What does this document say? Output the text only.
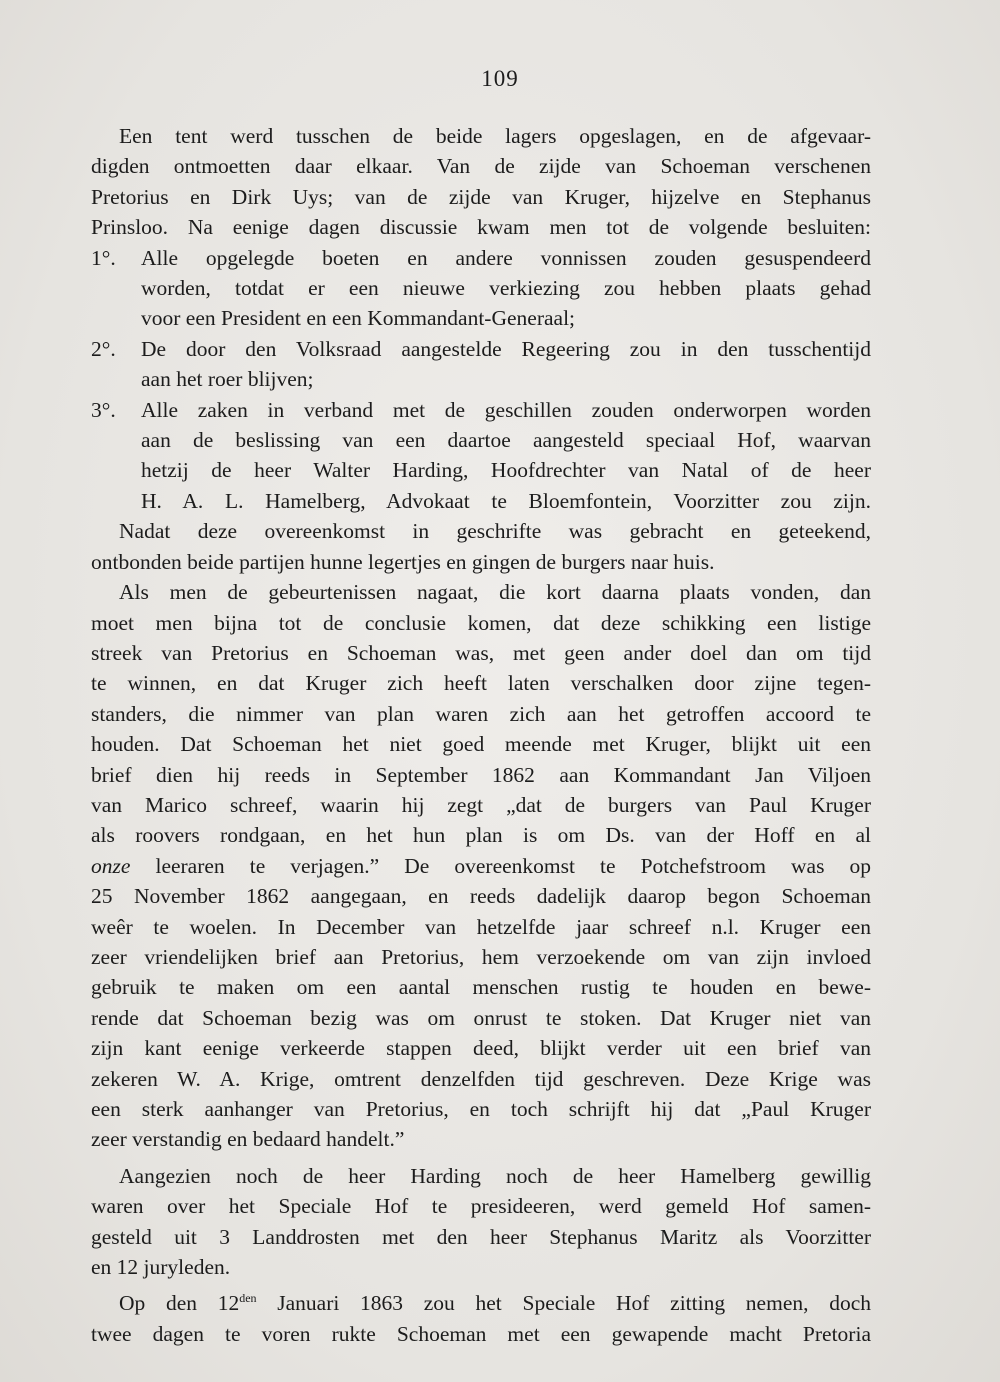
109
Een tent werd tusschen de beide lagers opgeslagen, en de afgevaar-
digden ontmoetten daar elkaar. Van de zijde van Schoeman verschenen
Pretorius en Dirk Uys; van de zijde van Kruger, hijzelve en Stephanus
Prinsloo. Na eenige dagen discussie kwam men tot de volgende besluiten:
1°. Alle opgelegde boeten en andere vonnissen zouden gesuspendeerd
worden, totdat er een nieuwe verkiezing zou hebben plaats gehad
voor een President en een Kommandant-Generaal;
2°. De door den Volksraad aangestelde Regeering zou in den tusschentijd
aan het roer blijven;
3°. Alle zaken in verband met de geschillen zouden onderworpen worden
aan de beslissing van een daartoe aangesteld speciaal Hof, waarvan
hetzij de heer Walter Harding, Hoofdrechter van Natal of de heer
H. A. L. Hamelberg, Advokaat te Bloemfontein, Voorzitter zou zijn.
Nadat deze overeenkomst in geschrifte was gebracht en geteekend,
ontbonden beide partijen hunne legertjes en gingen de burgers naar huis.
Als men de gebeurtenissen nagaat, die kort daarna plaats vonden, dan
moet men bijna tot de conclusie komen, dat deze schikking een listige
streek van Pretorius en Schoeman was, met geen ander doel dan om tijd
te winnen, en dat Kruger zich heeft laten verschalken door zijne tegen-
standers, die nimmer van plan waren zich aan het getroffen accoord te
houden. Dat Schoeman het niet goed meende met Kruger, blijkt uit een
brief dien hij reeds in September 1862 aan Kommandant Jan Viljoen
van Marico schreef, waarin hij zegt „dat de burgers van Paul Kruger
als roovers rondgaan, en het hun plan is om Ds. van der Hoff en al
onze leeraren te verjagen.” De overeenkomst te Potchefstroom was op
25 November 1862 aangegaan, en reeds dadelijk daarop begon Schoeman
weêr te woelen. In December van hetzelfde jaar schreef n.l. Kruger een
zeer vriendelijken brief aan Pretorius, hem verzoekende om van zijn invloed
gebruik te maken om een aantal menschen rustig te houden en bewe-
rende dat Schoeman bezig was om onrust te stoken. Dat Kruger niet van
zijn kant eenige verkeerde stappen deed, blijkt verder uit een brief van
zekeren W. A. Krige, omtrent denzelfden tijd geschreven. Deze Krige was
een sterk aanhanger van Pretorius, en toch schrijft hij dat „Paul Kruger
zeer verstandig en bedaard handelt.”
Aangezien noch de heer Harding noch de heer Hamelberg gewillig
waren over het Speciale Hof te presideeren, werd gemeld Hof samen-
gesteld uit 3 Landdrosten met den heer Stephanus Maritz als Voorzitter
en 12 juryleden.
Op den $12^{den}$ Januari 1863 zou het Speciale Hof zitting nemen, doch
twee dagen te voren rukte Schoeman met een gewapende macht Pretoria
